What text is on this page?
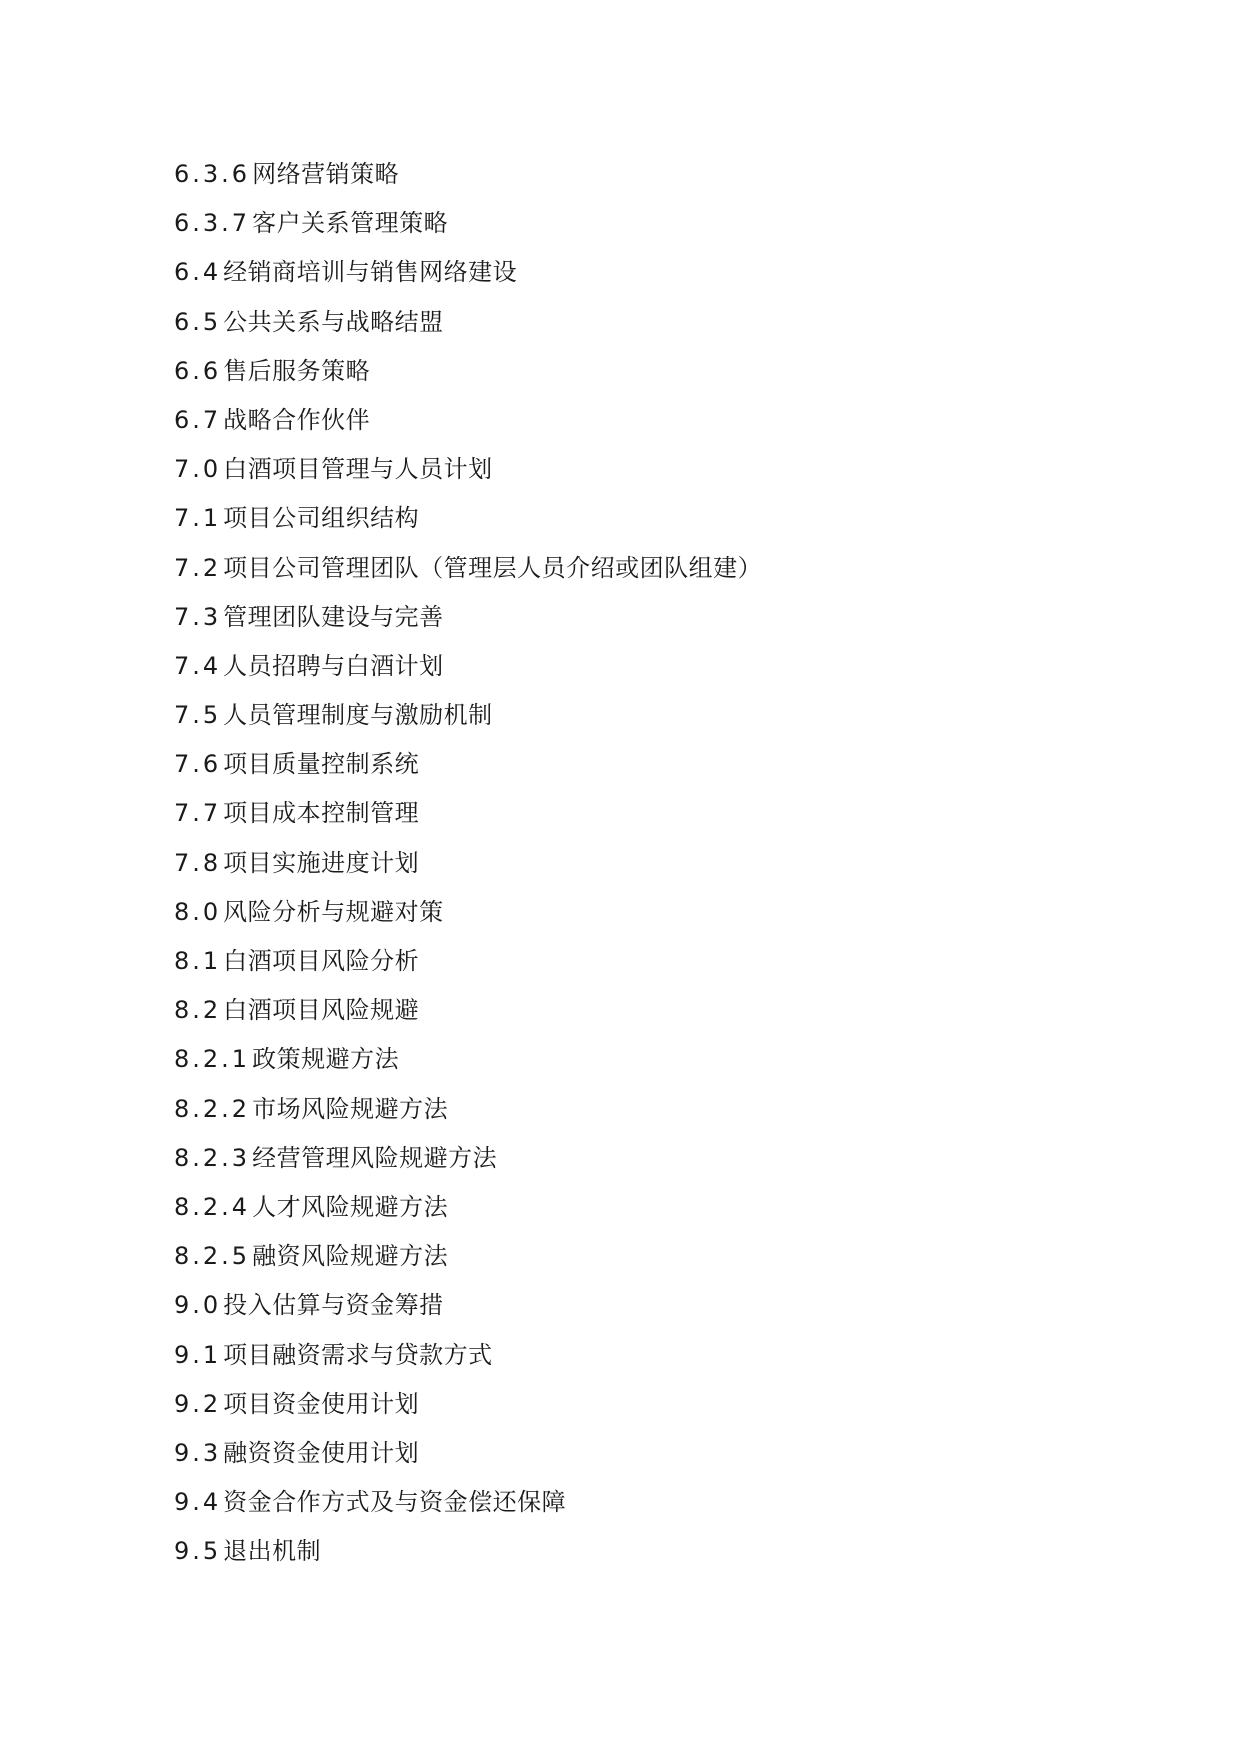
6.3.6网络营销策略
6.3.7客户关系管理策略
6.4经销商培训与销售网络建设
6.5公共关系与战略结盟
6.6售后服务策略
6.7战略合作伙伴
7.0白酒项目管理与人员计划
7.1项目公司组织结构
7.2项目公司管理团队（管理层人员介绍或团队组建）
7.3管理团队建设与完善
7.4人员招聘与白酒计划
7.5人员管理制度与激励机制
7.6项目质量控制系统
7.7项目成本控制管理
7.8项目实施进度计划
8.0风险分析与规避对策
8.1白酒项目风险分析
8.2白酒项目风险规避
8.2.1政策规避方法
8.2.2市场风险规避方法
8.2.3经营管理风险规避方法
8.2.4人才风险规避方法
8.2.5融资风险规避方法
9.0投入估算与资金筹措
9.1项目融资需求与贷款方式
9.2项目资金使用计划
9.3融资资金使用计划
9.4资金合作方式及与资金偿还保障
9.5退出机制
